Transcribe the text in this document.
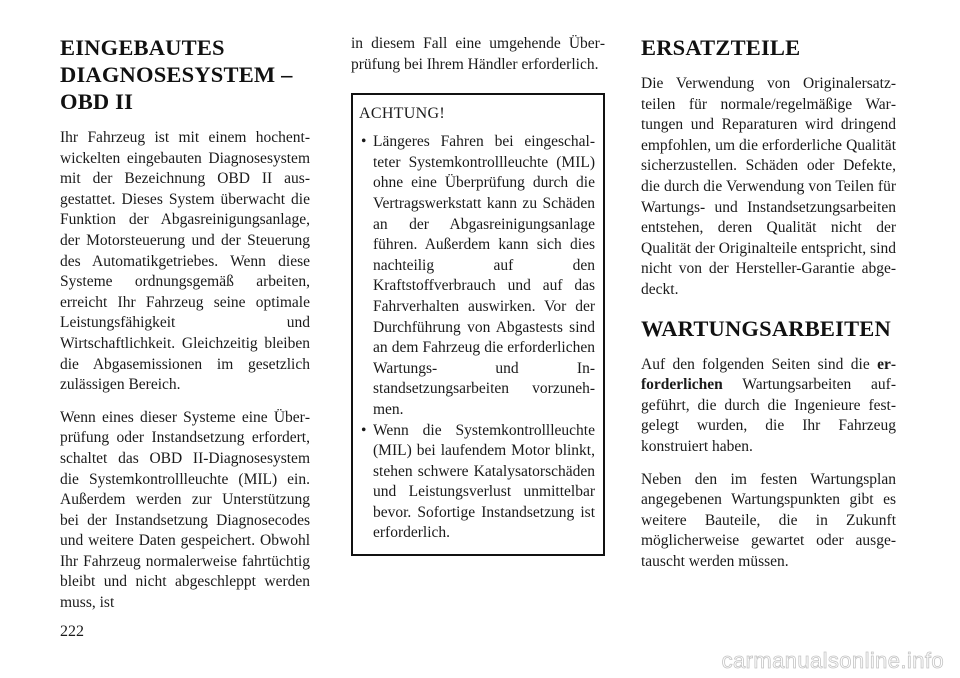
EINGEBAUTES DIAGNOSESYSTEM – OBD II

Ihr Fahrzeug ist mit einem hochentwickelten eingebauten Diagnosesystem mit der Bezeichnung OBD II ausgestattet. Dieses System überwacht die Funktion der Abgasreinigungsanlage, der Motorsteuerung und der Steuerung des Automatikgetriebes. Wenn diese Systeme ordnungsgemäß arbeiten, erreicht Ihr Fahrzeug seine optimale Leistungsfähigkeit und Wirtschaftlichkeit. Gleichzeitig bleiben die Abgasemissionen im gesetzlich zulässigen Bereich.

Wenn eines dieser Systeme eine Überprüfung oder Instandsetzung erfordert, schaltet das OBD II-Diagnosesystem die Systemkontrollleuchte (MIL) ein. Außerdem werden zur Unterstützung bei der Instandsetzung Diagnosecodes und weitere Daten gespeichert. Obwohl Ihr Fahrzeug normalerweise fahrtüchtig bleibt und nicht abgeschleppt werden muss, ist

in diesem Fall eine umgehende Überprüfung bei Ihrem Händler erforderlich.

ACHTUNG!
• Längeres Fahren bei eingeschalteter Systemkontrollleuchte (MIL) ohne eine Überprüfung durch die Vertragswerkstatt kann zu Schäden an der Abgasreinigungsanlage führen. Außerdem kann sich dies nachteilig auf den Kraftstoffverbrauch und auf das Fahrverhalten auswirken. Vor der Durchführung von Abgastests sind an dem Fahrzeug die erforderlichen Wartungs- und Instandsetzungsarbeiten vorzunehmen.
• Wenn die Systemkontrollleuchte (MIL) bei laufendem Motor blinkt, stehen schwere Katalysatorschäden und Leistungsverlust unmittelbar bevor. Sofortige Instandsetzung ist erforderlich.
ERSATZTEILE

Die Verwendung von Originalersatzteilen für normale/regelmäßige Wartungen und Reparaturen wird dringend empfohlen, um die erforderliche Qualität sicherzustellen. Schäden oder Defekte, die durch die Verwendung von Teilen für Wartungs- und Instandsetzungsarbeiten entstehen, deren Qualität nicht der Qualität der Originalteile entspricht, sind nicht von der Hersteller-Garantie abgedeckt.

WARTUNGSARBEITEN

Auf den folgenden Seiten sind die erforderlichen Wartungsarbeiten aufgeführt, die durch die Ingenieure festgelegt wurden, die Ihr Fahrzeug konstruiert haben.

Neben den im festen Wartungsplan angegebenen Wartungspunkten gibt es weitere Bauteile, die in Zukunft möglicherweise gewartet oder ausgetauscht werden müssen.

222
carmanualsonline.info
